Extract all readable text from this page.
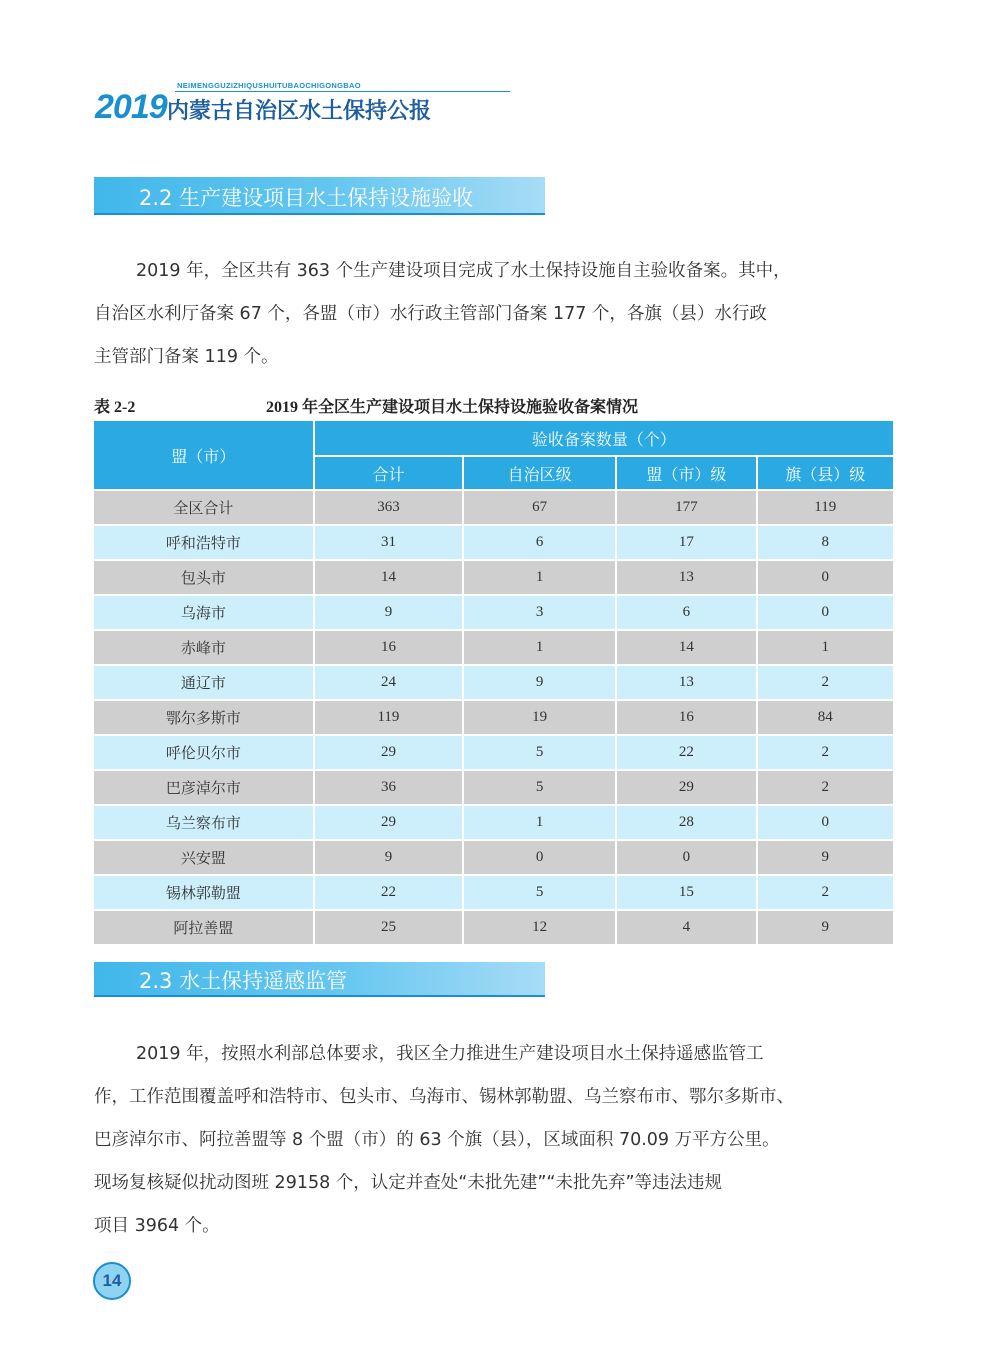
NEIMENGGUZIZHIQUSHUITUBAOCHIGONGBAO
2019 内蒙古自治区水土保持公报
2.2 生产建设项目水土保持设施验收
2019 年，全区共有 363 个生产建设项目完成了水土保持设施自主验收备案。其中，
自治区水利厅备案 67 个，各盟（市）水行政主管部门备案 177 个，各旗（县）水行政
主管部门备案 119 个。
表 2-2	2019 年全区生产建设项目水土保持设施验收备案情况
盟（市）	验收备案数量（个）			
	合计	自治区级	盟（市）级	旗（县）级
全区合计	363	67	177	119
呼和浩特市	31	6	17	8
包头市	14	1	13	0
乌海市	9	3	6	0
赤峰市	16	1	14	1
通辽市	24	9	13	2
鄂尔多斯市	119	19	16	84
呼伦贝尔市	29	5	22	2
巴彦淖尔市	36	5	29	2
乌兰察布市	29	1	28	0
兴安盟	9	0	0	9
锡林郭勒盟	22	5	15	2
阿拉善盟	25	12	4	9
2.3 水土保持遥感监管
2019 年，按照水利部总体要求，我区全力推进生产建设项目水土保持遥感监管工
作，工作范围覆盖呼和浩特市、包头市、乌海市、锡林郭勒盟、乌兰察布市、鄂尔多斯市、
巴彦淖尔市、阿拉善盟等 8 个盟（市）的 63 个旗（县），区域面积 70.09 万平方公里。
现场复核疑似扰动图班 29158 个，认定并查处“未批先建”“未批先弃”等违法违规
项目 3964 个。
14
